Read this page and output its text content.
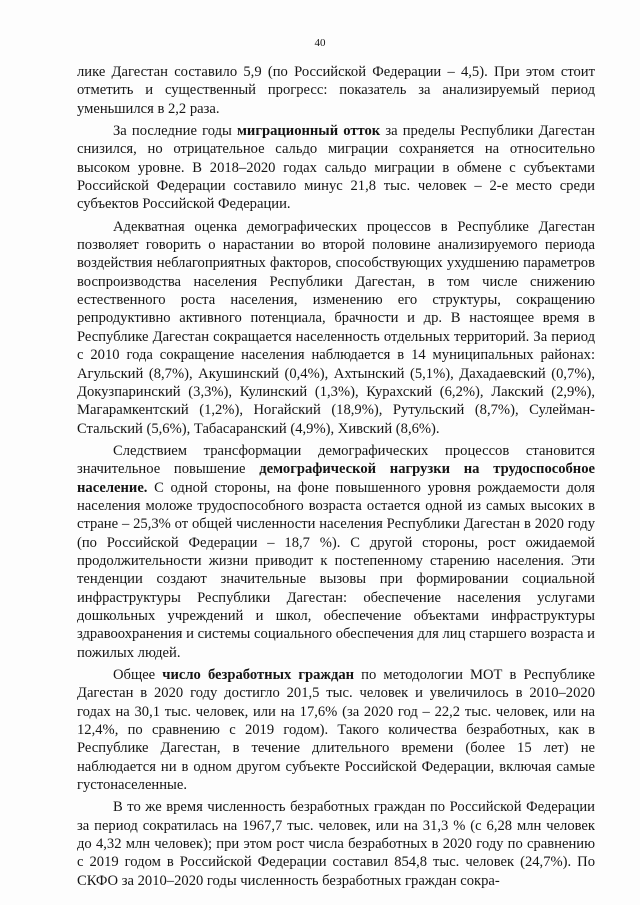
40

лике Дагестан составило 5,9 (по Российской Федерации – 4,5). При этом стоит отметить и существенный прогресс: показатель за анализируемый период уменьшился в 2,2 раза.

За последние годы миграционный отток за пределы Республики Дагестан снизился, но отрицательное сальдо миграции сохраняется на относительно высоком уровне. В 2018–2020 годах сальдо миграции в обмене с субъектами Российской Федерации составило минус 21,8 тыс. человек – 2-е место среди субъектов Российской Федерации.

Адекватная оценка демографических процессов в Республике Дагестан позволяет говорить о нарастании во второй половине анализируемого периода воздействия неблагоприятных факторов, способствующих ухудшению параметров воспроизводства населения Республики Дагестан, в том числе снижению естественного роста населения, изменению его структуры, сокращению репродуктивно активного потенциала, брачности и др. В настоящее время в Республике Дагестан сокращается населенность отдельных территорий. За период с 2010 года сокращение населения наблюдается в 14 муниципальных районах: Агульский (8,7%), Акушинский (0,4%), Ахтынский (5,1%), Дахадаевский (0,7%), Докузпаринский (3,3%), Кулинский (1,3%), Курахский (6,2%), Лакский (2,9%), Магарамкентский (1,2%), Ногайский (18,9%), Рутульский (8,7%), Сулейман-Стальский (5,6%), Табасаранский (4,9%), Хивский (8,6%).

Следствием трансформации демографических процессов становится значительное повышение демографической нагрузки на трудоспособное население. С одной стороны, на фоне повышенного уровня рождаемости доля населения моложе трудоспособного возраста остается одной из самых высоких в стране – 25,3% от общей численности населения Республики Дагестан в 2020 году (по Российской Федерации – 18,7 %). С другой стороны, рост ожидаемой продолжительности жизни приводит к постепенному старению населения. Эти тенденции создают значительные вызовы при формировании социальной инфраструктуры Республики Дагестан: обеспечение населения услугами дошкольных учреждений и школ, обеспечение объектами инфраструктуры здравоохранения и системы социального обеспечения для лиц старшего возраста и пожилых людей.

Общее число безработных граждан по методологии МОТ в Республике Дагестан в 2020 году достигло 201,5 тыс. человек и увеличилось в 2010–2020 годах на 30,1 тыс. человек, или на 17,6% (за 2020 год – 22,2 тыс. человек, или на 12,4%, по сравнению с 2019 годом). Такого количества безработных, как в Республике Дагестан, в течение длительного времени (более 15 лет) не наблюдается ни в одном другом субъекте Российской Федерации, включая самые густонаселенные.

В то же время численность безработных граждан по Российской Федерации за период сократилась на 1967,7 тыс. человек, или на 31,3 % (с 6,28 млн человек до 4,32 млн человек); при этом рост числа безработных в 2020 году по сравнению с 2019 годом в Российской Федерации составил 854,8 тыс. человек (24,7%). По СКФО за 2010–2020 годы численность безработных граждан сокра-
